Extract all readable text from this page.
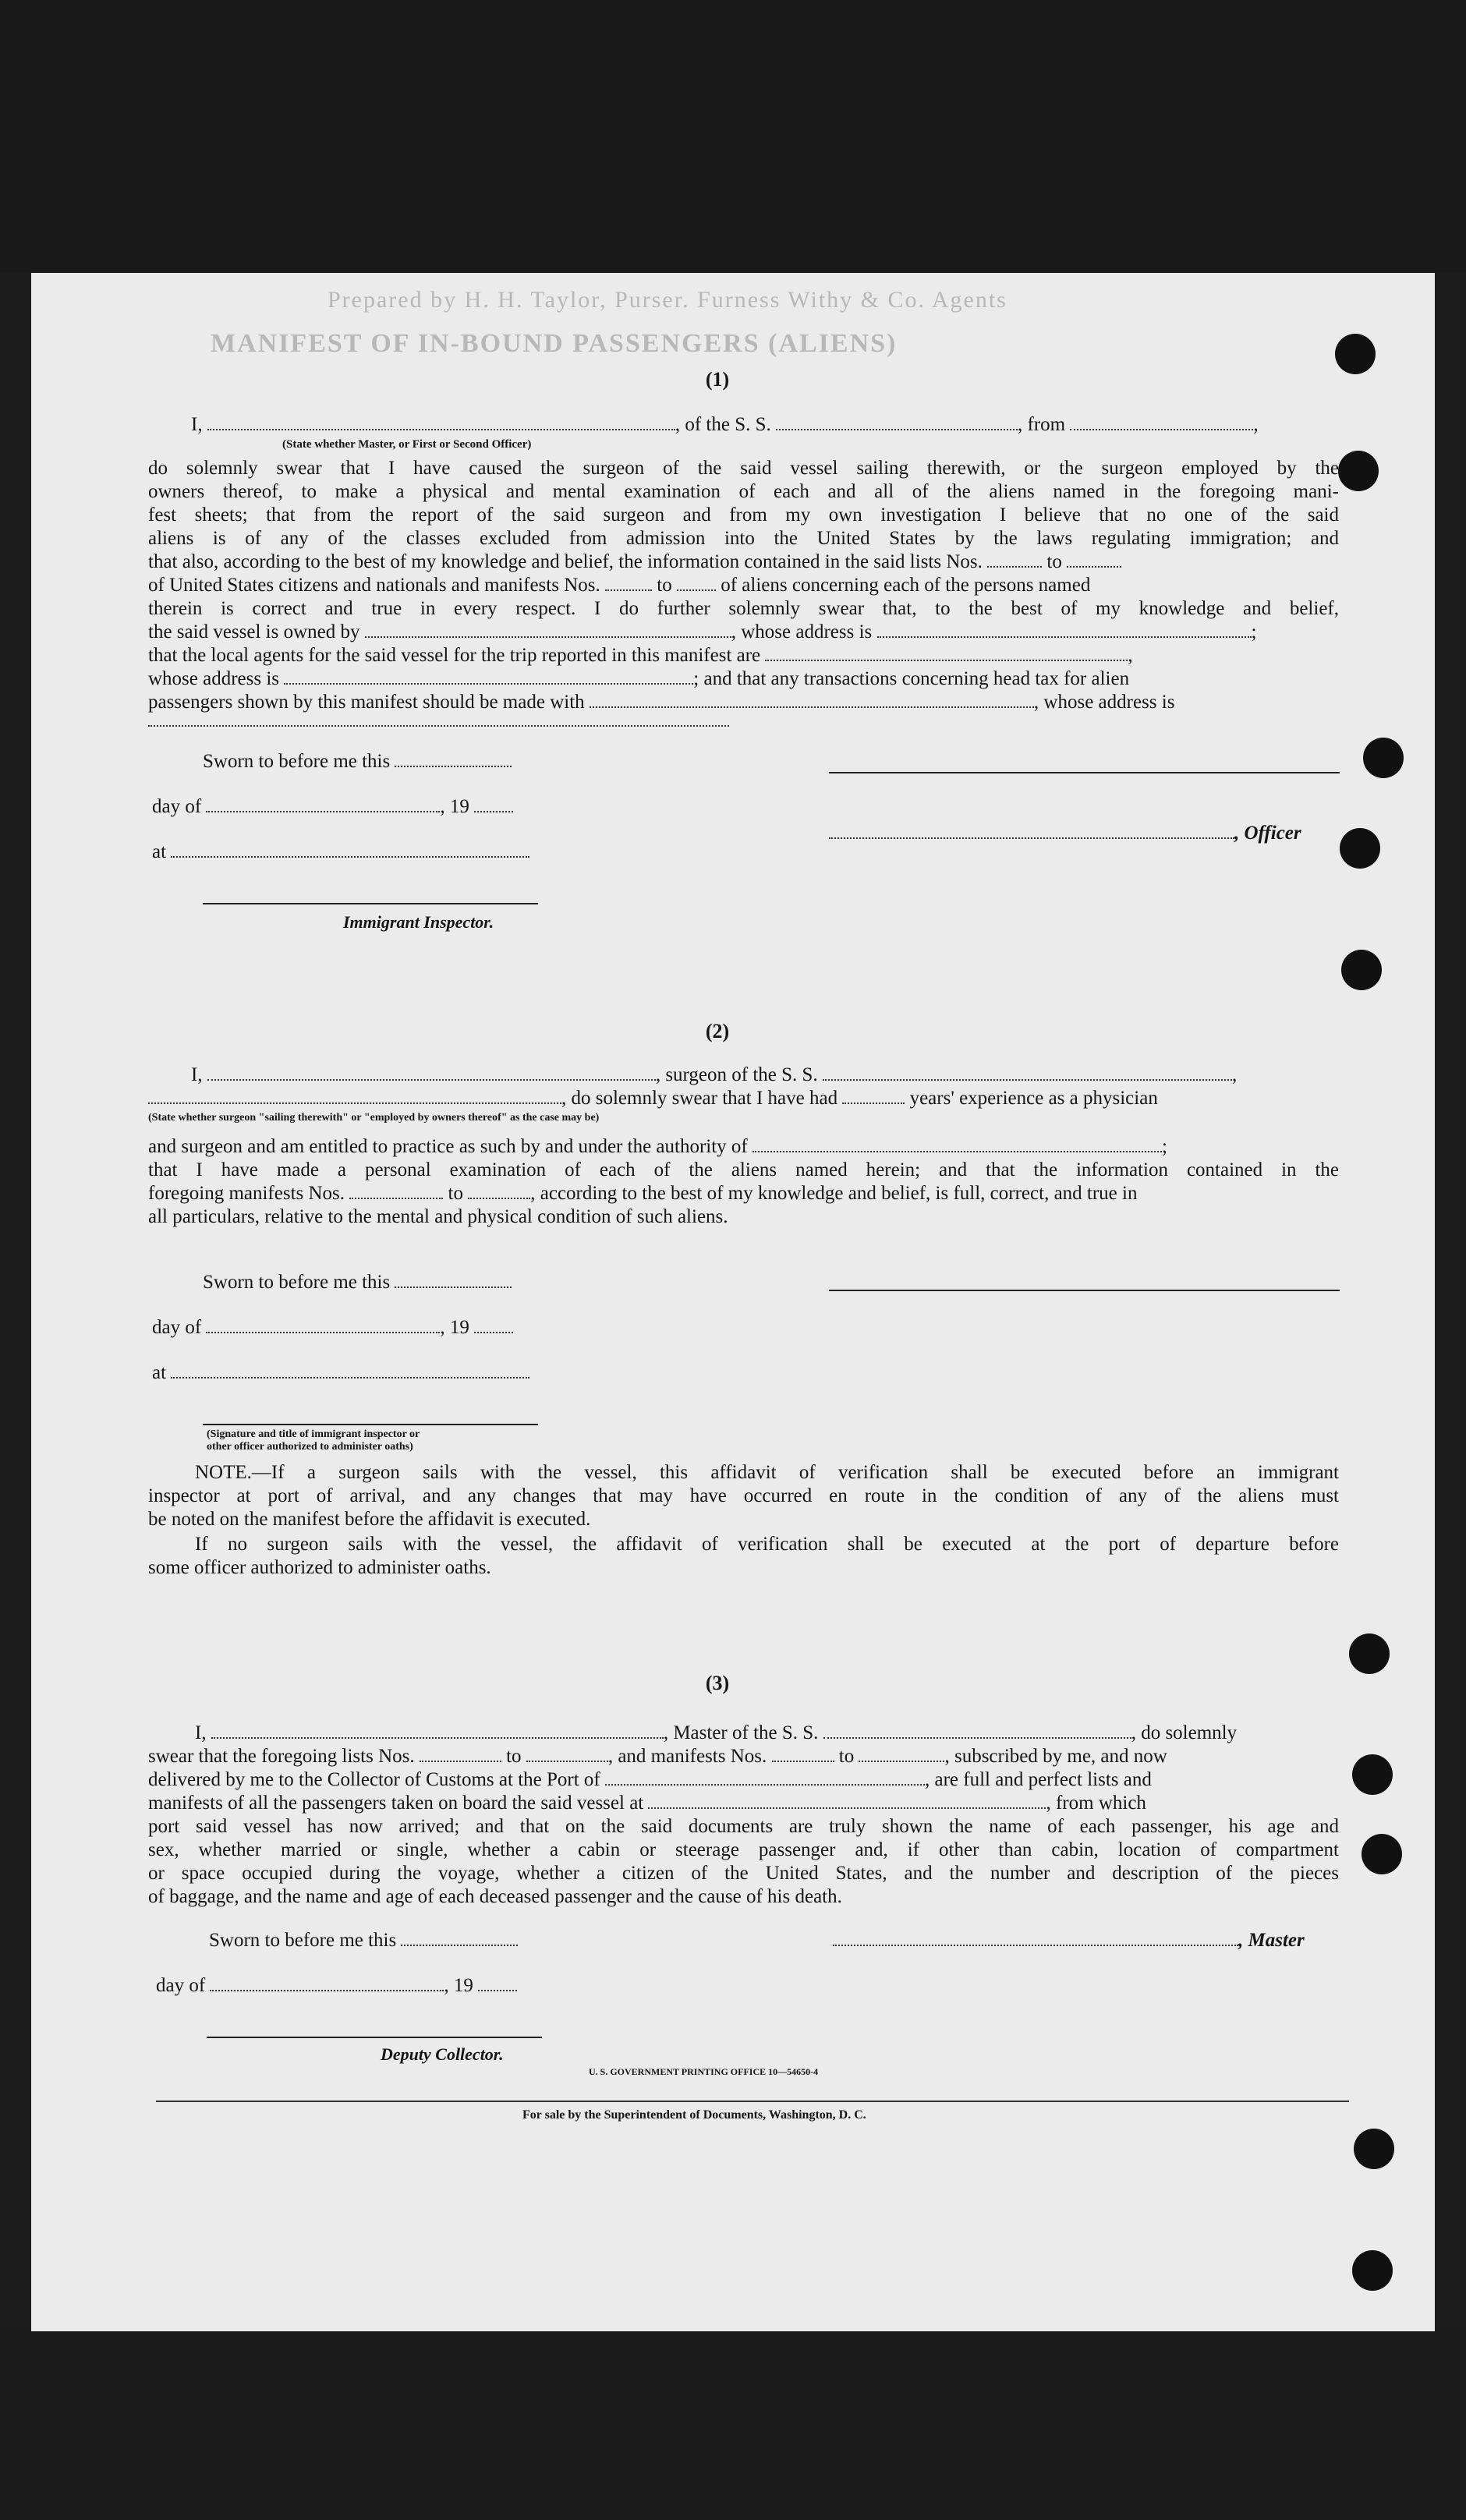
Prepared by H. H. Taylor, Purser. Furness Withy & Co. Agents
MANIFEST OF IN-BOUND PASSENGERS (ALIENS)
(1)
I,	, of the S. S.	, from	,
(State whether Master, or First or Second Officer)
do solemnly swear that I have caused the surgeon of the said vessel sailing therewith, or the surgeon employed by the
owners thereof, to make a physical and mental examination of each and all of the aliens named in the foregoing mani-
fest sheets; that from the report of the said surgeon and from my own investigation I believe that no one of the said
aliens is of any of the classes excluded from admission into the United States by the laws regulating immigration; and
that also, according to the best of my knowledge and belief, the information contained in the said lists Nos.	to
of United States citizens and nationals and manifests Nos.	to	of aliens concerning each of the persons named
therein is correct and true in every respect. I do further solemnly swear that, to the best of my knowledge and belief,
the said vessel is owned by	, whose address is	;
that the local agents for the said vessel for the trip reported in this manifest are	,
whose address is	; and that any transactions concerning head tax for alien
passengers shown by this manifest should be made with	, whose address is
Sworn to before me this
day of	, 19
at
Immigrant Inspector.
, Officer
(2)
I,	, surgeon of the S. S.	,
, do solemnly swear that I have had	years' experience as a physician
(State whether surgeon "sailing therewith" or "employed by owners thereof" as the case may be)
and surgeon and am entitled to practice as such by and under the authority of	;
that I have made a personal examination of each of the aliens named herein; and that the information contained in the
foregoing manifests Nos.	to	, according to the best of my knowledge and belief, is full, correct, and true in
all particulars, relative to the mental and physical condition of such aliens.
Sworn to before me this
day of	, 19
at
(Signature and title of immigrant inspector or
other officer authorized to administer oaths)
NOTE.—If a surgeon sails with the vessel, this affidavit of verification shall be executed before an immigrant
inspector at port of arrival, and any changes that may have occurred en route in the condition of any of the aliens must
be noted on the manifest before the affidavit is executed.
If no surgeon sails with the vessel, the affidavit of verification shall be executed at the port of departure before
some officer authorized to administer oaths.
(3)
I,	, Master of the S. S.	, do solemnly
swear that the foregoing lists Nos.	to	, and manifests Nos.	to	, subscribed by me, and now
delivered by me to the Collector of Customs at the Port of	, are full and perfect lists and
manifests of all the passengers taken on board the said vessel at	, from which
port said vessel has now arrived; and that on the said documents are truly shown the name of each passenger, his age and
sex, whether married or single, whether a cabin or steerage passenger and, if other than cabin, location of compartment
or space occupied during the voyage, whether a citizen of the United States, and the number and description of the pieces
of baggage, and the name and age of each deceased passenger and the cause of his death.
Sworn to before me this	, Master
day of	, 19
Deputy Collector.
U. S. GOVERNMENT PRINTING OFFICE 10—54650-4
For sale by the Superintendent of Documents, Washington, D. C.
